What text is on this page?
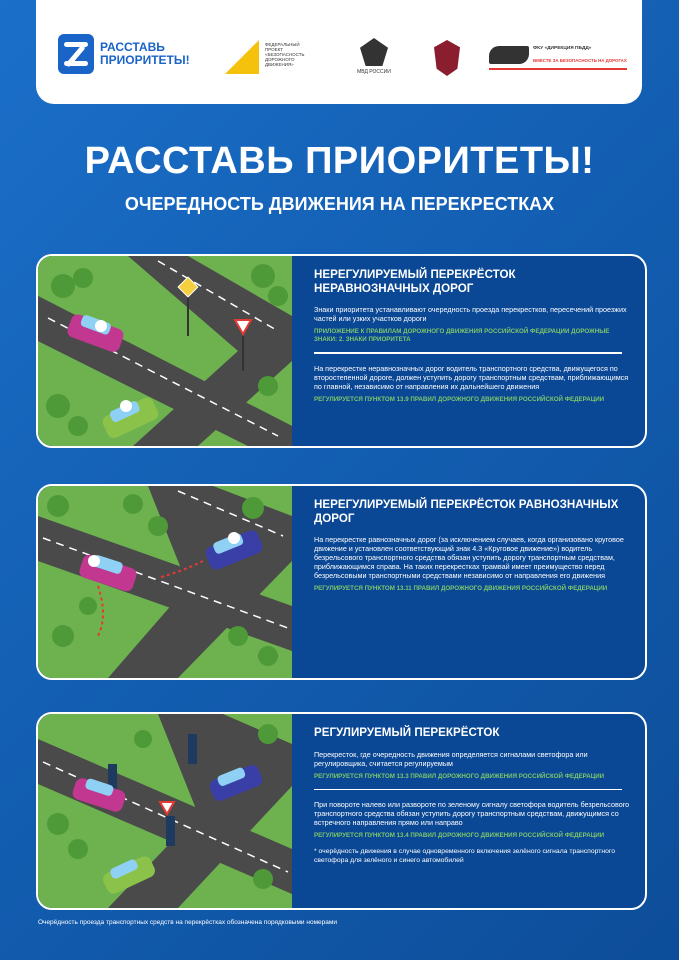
РАССТАВЬ
ПРИОРИТЕТЫ!
ФЕДЕРАЛЬНЫЙ ПРОЕКТ «БЕЗОПАСНОСТЬ ДОРОЖНОГО ДВИЖЕНИЯ»
МВД РОССИИ
ФКУ «ДИРЕКЦИЯ ПБДД»
ВМЕСТЕ ЗА БЕЗОПАСНОСТЬ НА ДОРОГАХ
РАССТАВЬ ПРИОРИТЕТЫ!
ОЧЕРЕДНОСТЬ ДВИЖЕНИЯ НА ПЕРЕКРЕСТКАХ
НЕРЕГУЛИРУЕМЫЙ ПЕРЕКРЁСТОК НЕРАВНОЗНАЧНЫХ ДОРОГ
Знаки приоритета устанавливают очередность проезда перекрестков, пересечений проезжих частей или узких участков дороги
ПРИЛОЖЕНИЕ К ПРАВИЛАМ ДОРОЖНОГО ДВИЖЕНИЯ РОССИЙСКОЙ ФЕДЕРАЦИИ ДОРОЖНЫЕ ЗНАКИ: 2. ЗНАКИ ПРИОРИТЕТА
На перекрестке неравнозначных дорог водитель транспортного средства, движущегося по второстепенной дороге, должен уступить дорогу транспортным средствам, приближающимся по главной, независимо от направления их дальнейшего движения
РЕГУЛИРУЕТСЯ ПУНКТОМ 13.9 ПРАВИЛ ДОРОЖНОГО ДВИЖЕНИЯ РОССИЙСКОЙ ФЕДЕРАЦИИ
НЕРЕГУЛИРУЕМЫЙ ПЕРЕКРЁСТОК РАВНОЗНАЧНЫХ ДОРОГ
На перекрестке равнозначных дорог (за исключением случаев, когда организовано круговое движение и установлен соответствующий знак 4.3 «Круговое движение») водитель безрельсового транспортного средства обязан уступить дорогу транспортным средствам, приближающимся справа. На таких перекрестках трамвай имеет преимущество перед безрельсовыми транспортными средствами независимо от направления его движения
РЕГУЛИРУЕТСЯ ПУНКТОМ 13.11 ПРАВИЛ ДОРОЖНОГО ДВИЖЕНИЯ РОССИЙСКОЙ ФЕДЕРАЦИИ
РЕГУЛИРУЕМЫЙ ПЕРЕКРЁСТОК
Перекресток, где очередность движения определяется сигналами светофора или регулировщика, считается регулируемым
РЕГУЛИРУЕТСЯ ПУНКТОМ 13.3 ПРАВИЛ ДОРОЖНОГО ДВИЖЕНИЯ РОССИЙСКОЙ ФЕДЕРАЦИИ
При повороте налево или развороте по зеленому сигналу светофора водитель безрельсового транспортного средства обязан уступить дорогу транспортным средствам, движущимся со встречного направления прямо или направо
РЕГУЛИРУЕТСЯ ПУНКТОМ 13.4 ПРАВИЛ ДОРОЖНОГО ДВИЖЕНИЯ РОССИЙСКОЙ ФЕДЕРАЦИИ
* очерёдность движения в случае одновременного включения зелёного сигнала транспортного светофора для зелёного и синего автомобилей
Очерёдность проезда транспортных средств на перекрёстках обозначена порядковыми номерами
